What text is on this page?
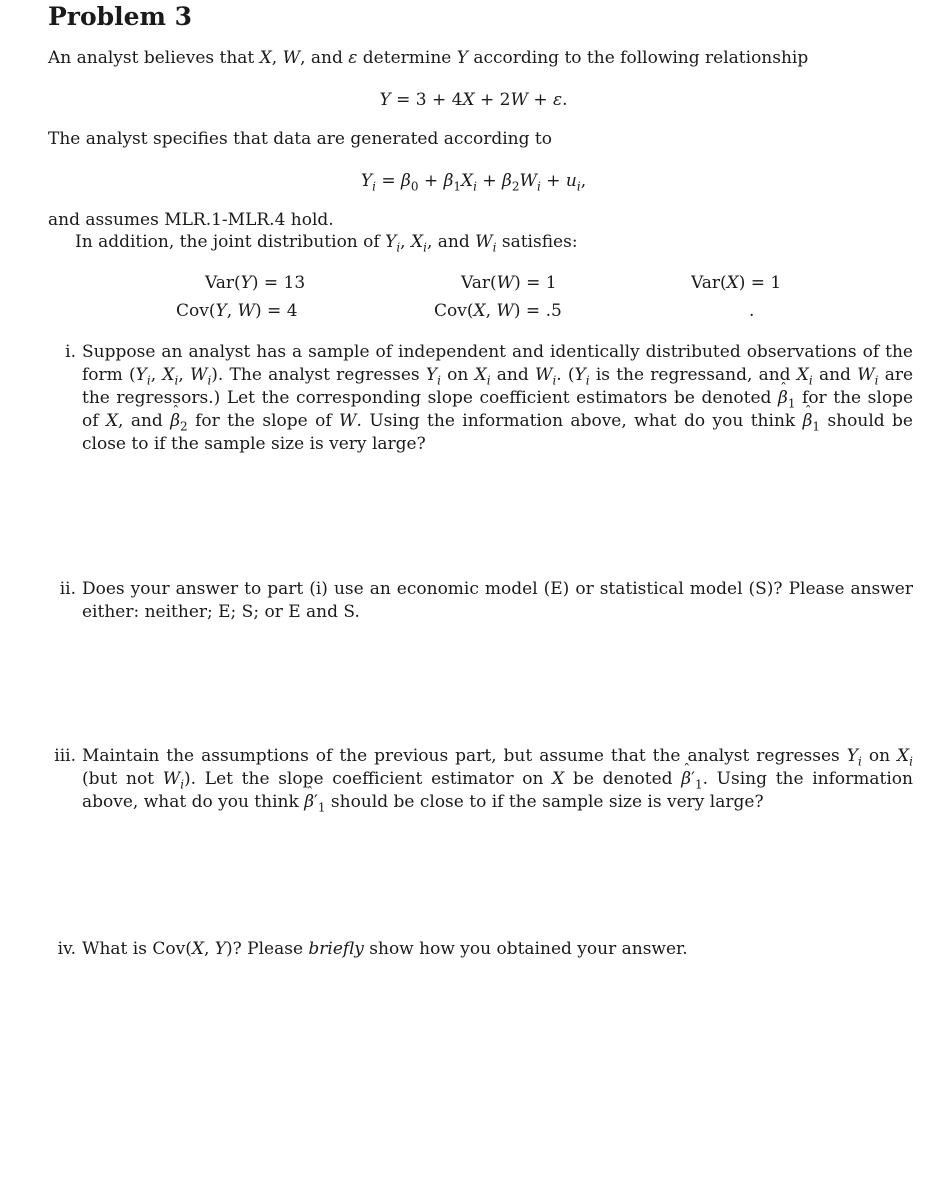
Problem 3
An analyst believes that X, W, and ε determine Y according to the following relationship
Y = 3 + 4X + 2W + ε.
The analyst specifies that data are generated according to
$Y_i = \beta_0 + \beta_1X_i + \beta_2W_i + u_i$,
and assumes MLR.1-MLR.4 hold.
In addition, the joint distribution of $Y_i$, $X_i$, and $W_i$ satisfies:
Var(Y) = 13	Var(W) = 1	Var(X) = 1
Cov(Y, W) = 4	Cov(X, W) = .5	.
i. Suppose an analyst has a sample of independent and identically distributed observations of the form ($Y_i$, $X_i$, $W_i$). The analyst regresses $Y_i$ on $X_i$ and $W_i$. ($Y_i$ is the regressand, and $X_i$ and $W_i$ are the regressors.) Let the corresponding slope coefficient estimators be denoted ˆ $\beta_1$ for the slope of X, and ˆ $\beta_2$ for the slope of W. Using the information above, what do you think ˆ $\beta_1$ should be close to if the sample size is very large?
ii. Does your answer to part (i) use an economic model (E) or statistical model (S)? Please answer either: neither; E; S; or E and S.
iii. Maintain the assumptions of the previous part, but assume that the analyst regresses $Y_i$ on $X_i$ (but not $W_i$). Let the slope coefficient estimator on X be denoted ˆ $\beta'_1$. Using the information above, what do you think ˆ $\beta'_1$ should be close to if the sample size is very large?
iv. What is Cov(X, Y)? Please briefly show how you obtained your answer.
